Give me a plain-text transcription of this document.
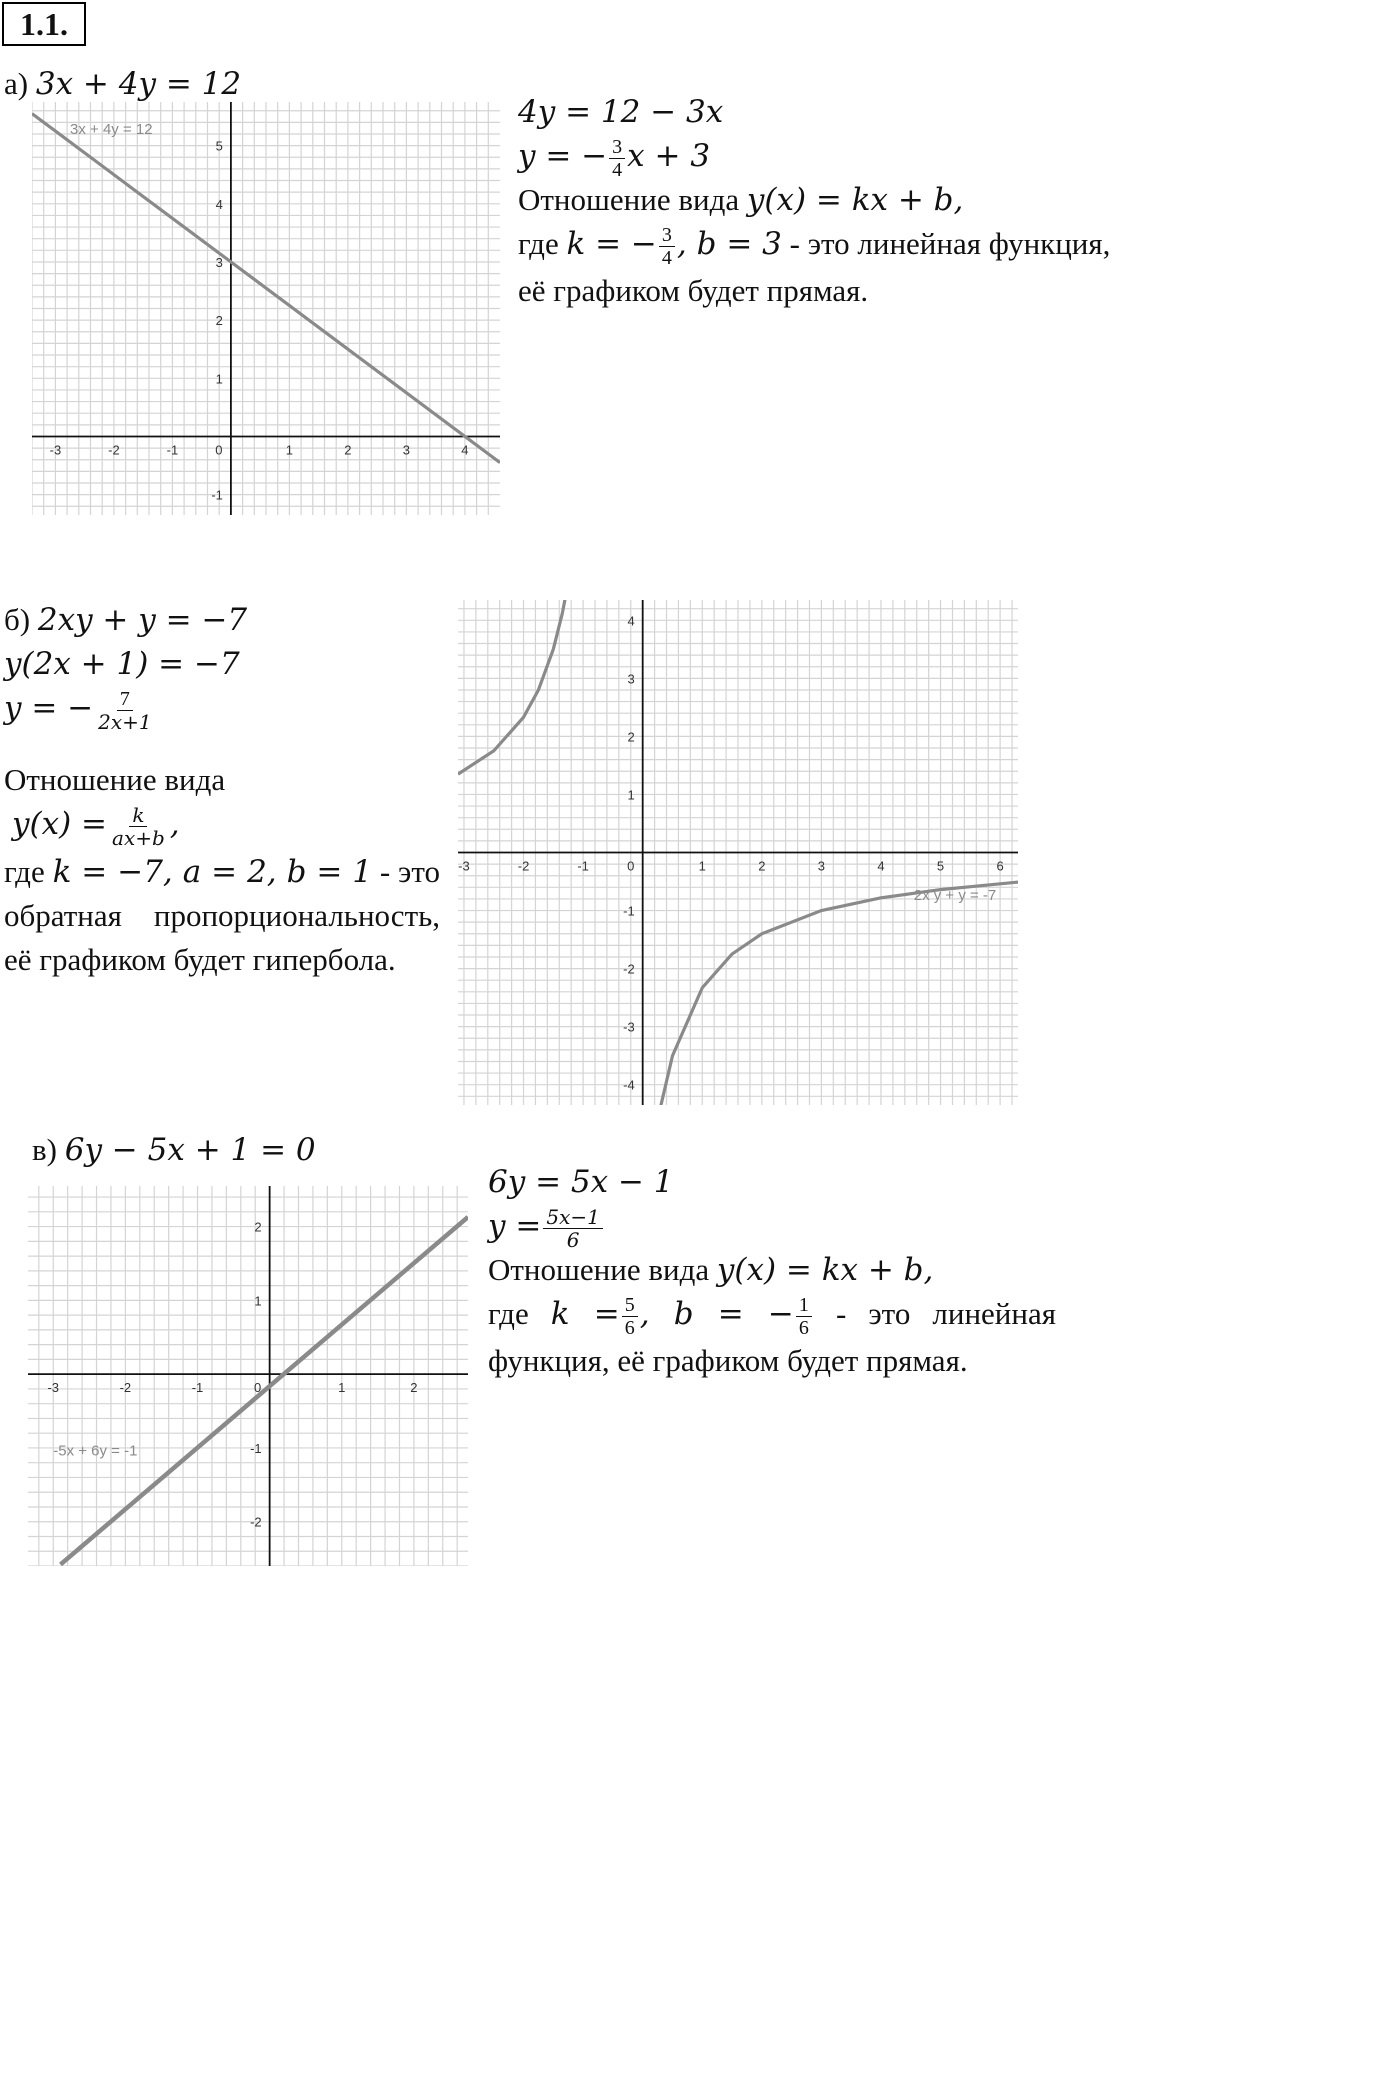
1.1.
а) 3x + 4y = 12
-3	-2	-1	0	1	2	3	4
-1
1
2
3
4
5
3x + 4y = 12	4y = 12 − 3x
y = − $\frac{3}{4}$ x + 3
Отношение вида y(x) = kx + b,
где k = − $\frac{3}{4}$ , b = 3 - это линейная функция,
её графиком будет прямая.
б) 2xy + y = −7
y(2x + 1) = −7
y = − $\frac{7}{2x+1}$
Отношение вида
$y(x) = \frac{k}{ax+b}$ ,
где k = −7, a = 2, b = 1 - это обратная пропорциональность, её графиком будет гипербола.
-3	-2	-1	0	1	2	3	4	5	6
-4
-3
-2
-1
1
2
3
4
2x y + y = -7
в) 6y − 5x + 1 = 0
-3	-2	-1	0	1	2
-2
-1
1
2
-5x + 6y = -1
6y = 5x − 1
$y = \frac{5x-1}{6}$
Отношение вида y(x) = kx + b,
где $k = \frac{5}{6}$ , b = − $\frac{1}{6}$ - это линейная функция, её графиком будет прямая.
